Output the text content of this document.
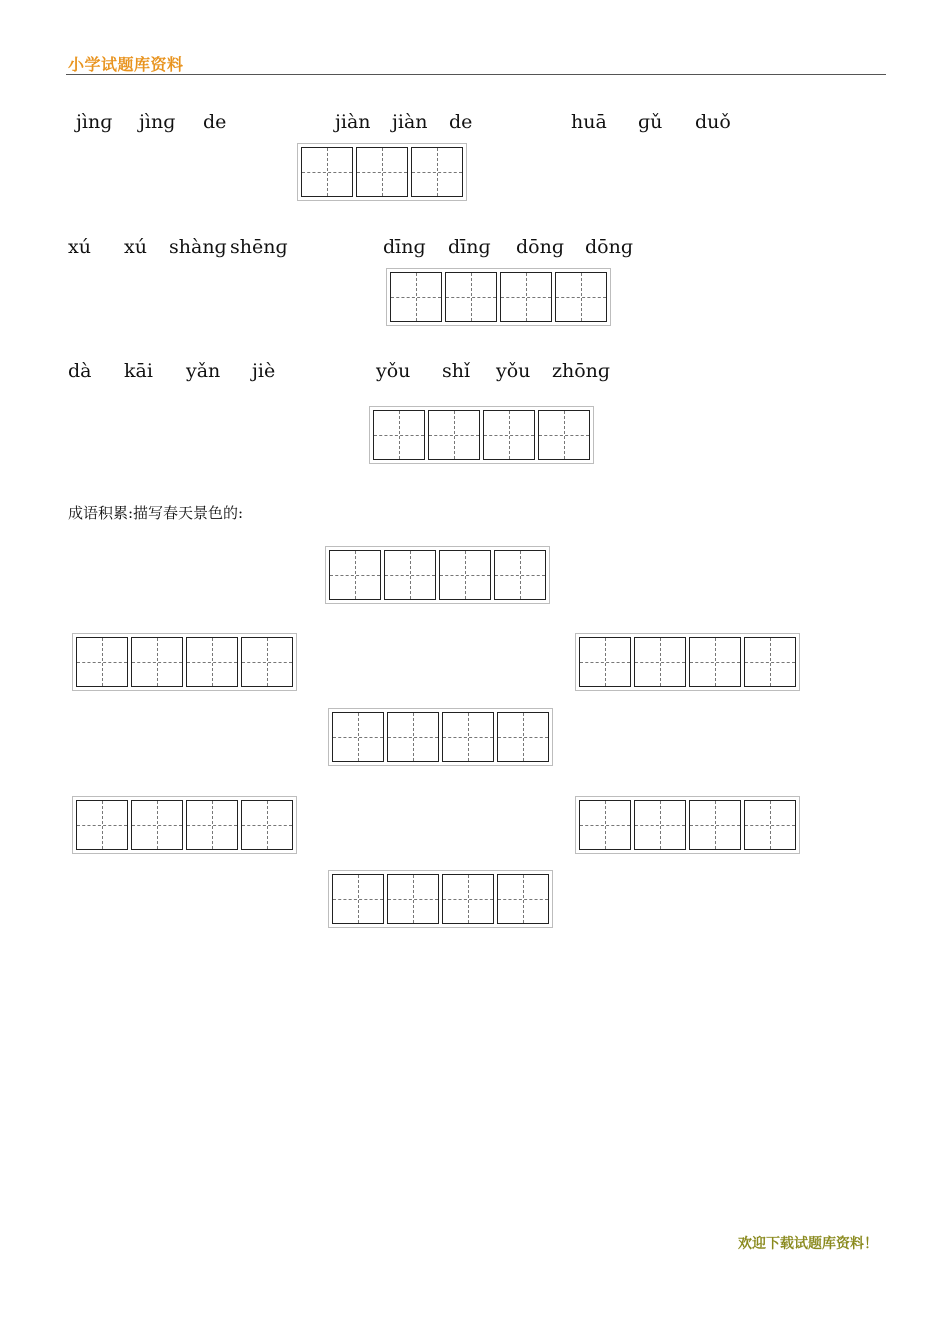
小学试题库资料
jìnɡ jìnɡ de	jiàn jiàn de	huā ɡǔ duǒ
xú xú shànɡ shēnɡ	dīnɡ dīnɡ dōnɡ dōnɡ
dà kāi yǎn jiè	yǒu shǐ yǒu zhōnɡ
成语积累:描写春天景色的:
欢迎下载试题库资料！
